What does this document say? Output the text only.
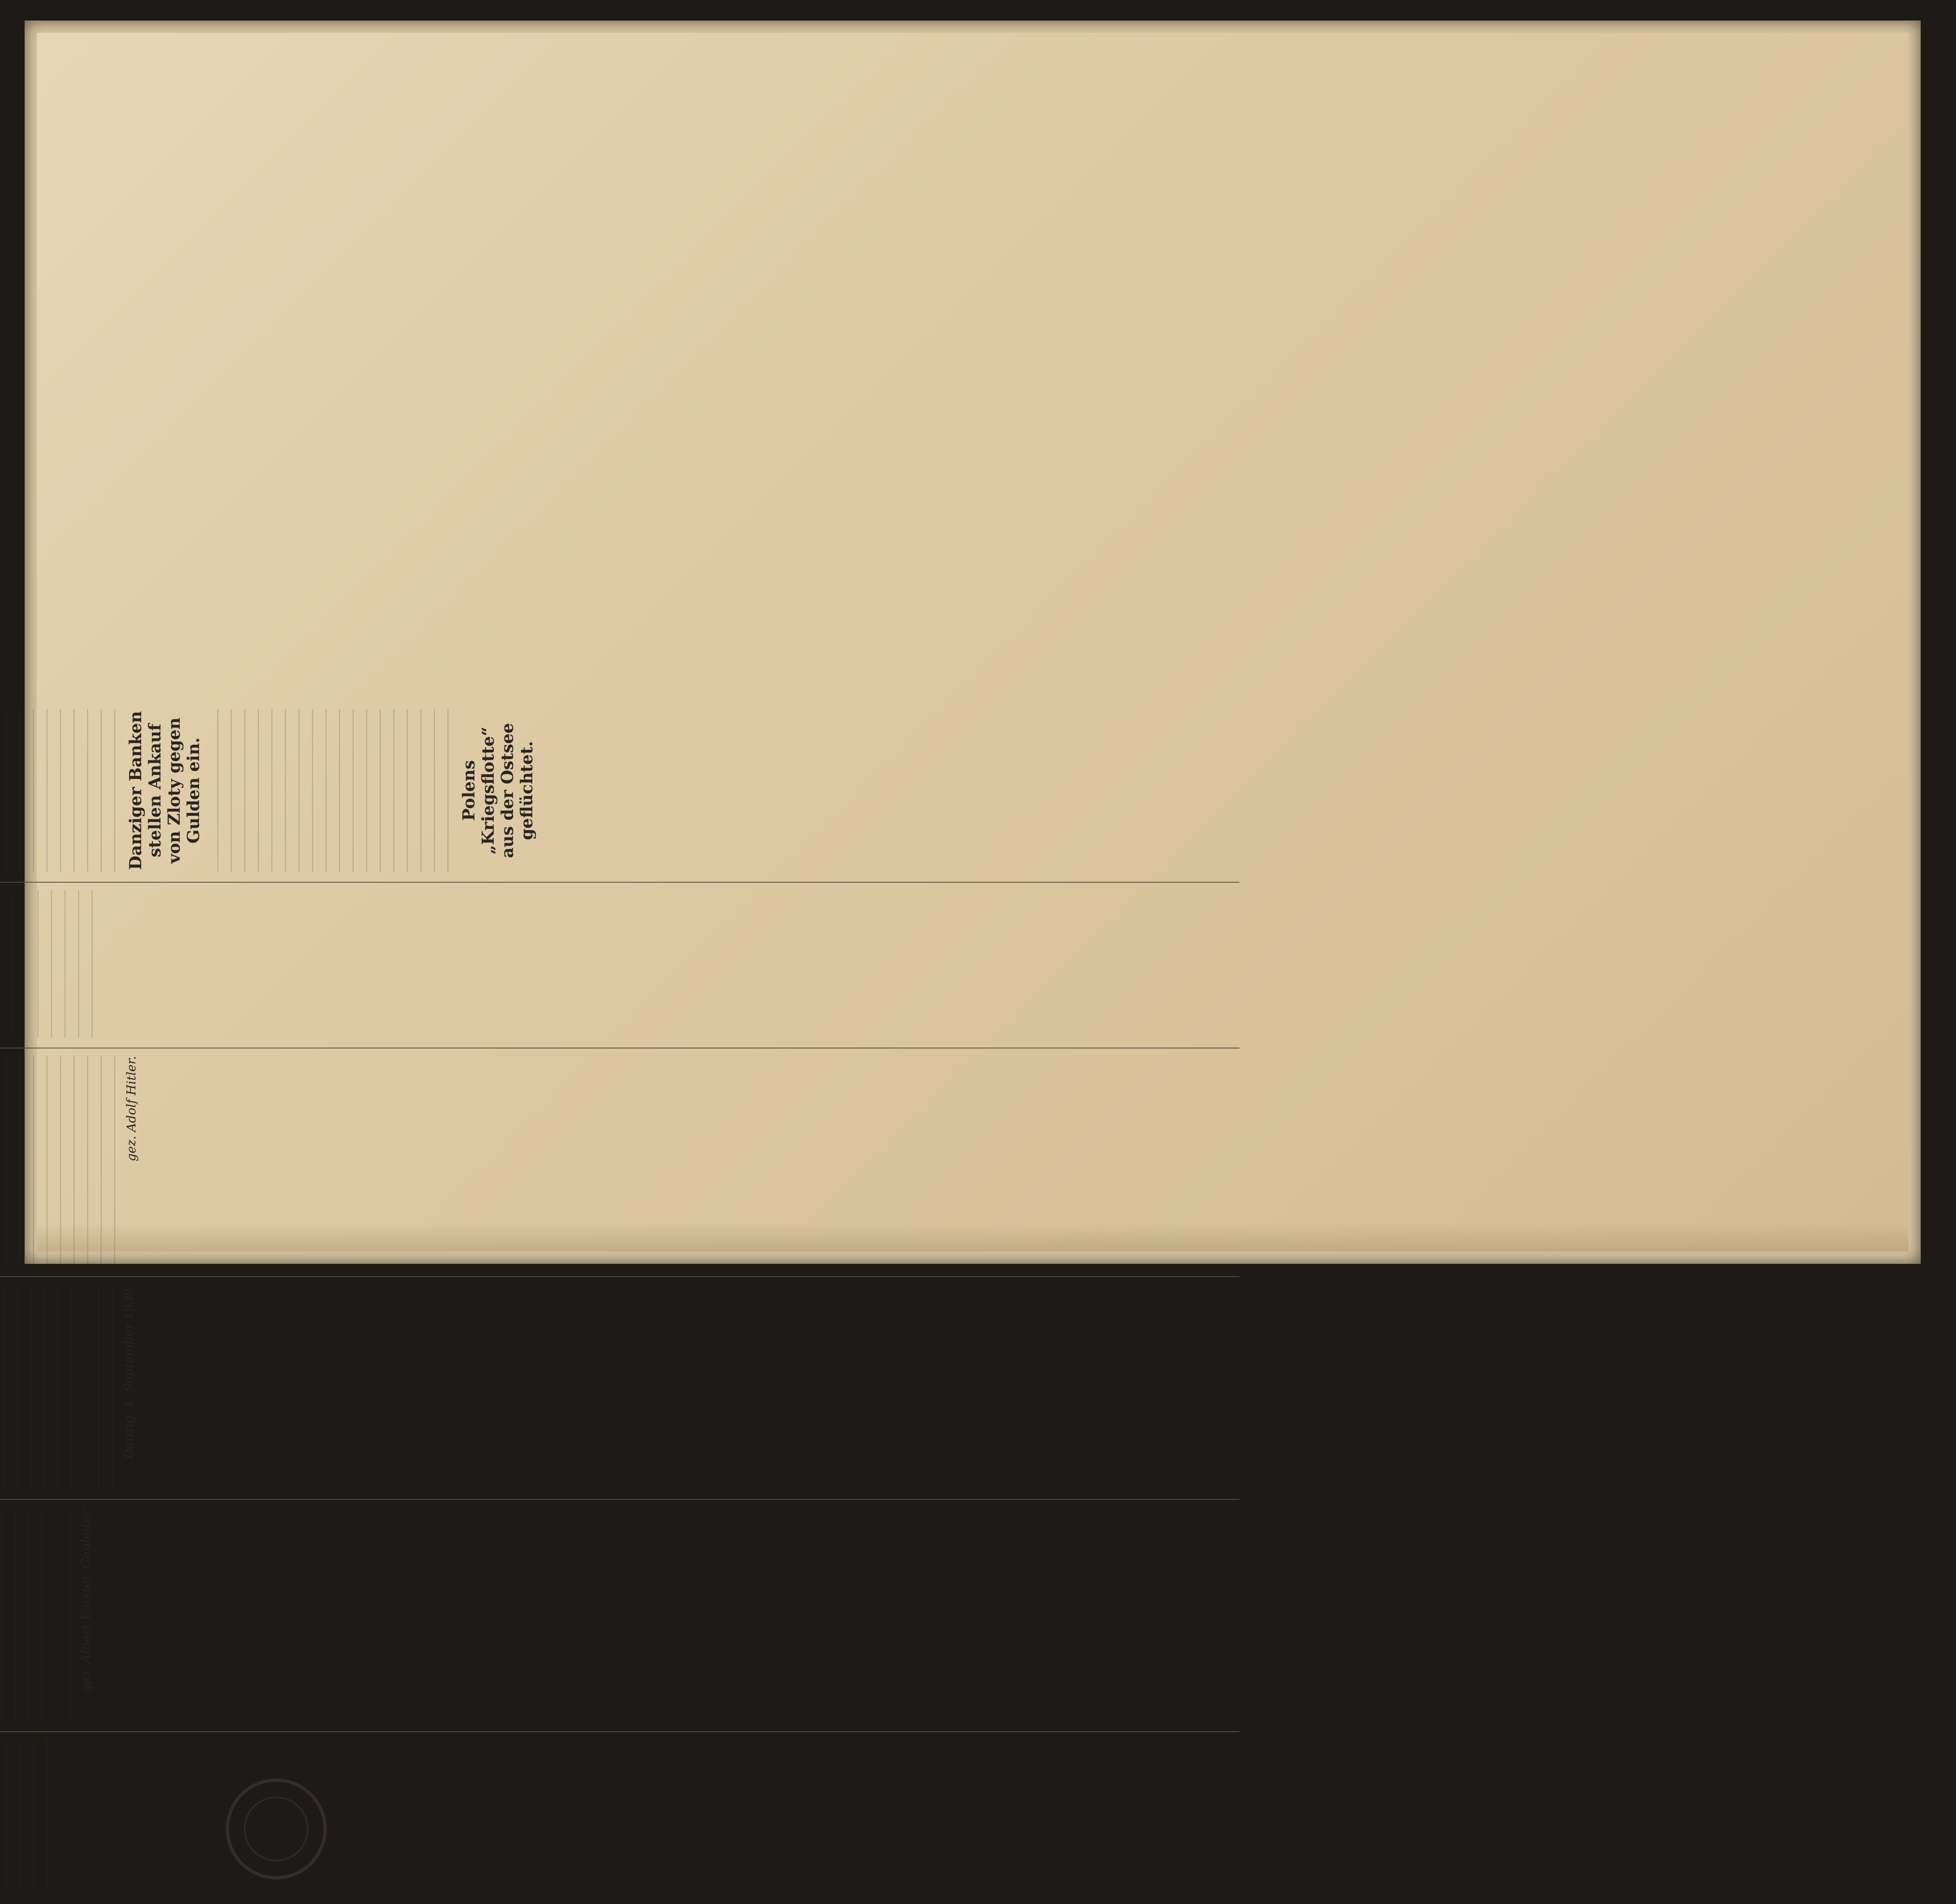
gez. Albert Forster, Gauleiter.
Danzig, 1. September 1939.
gez. Adolf Hitler.
Danziger Banken stellen Ankauf von Zloty gegen Gulden ein.	Polens „Kriegsflotte“ aus der Ostsee geflüchtet.
